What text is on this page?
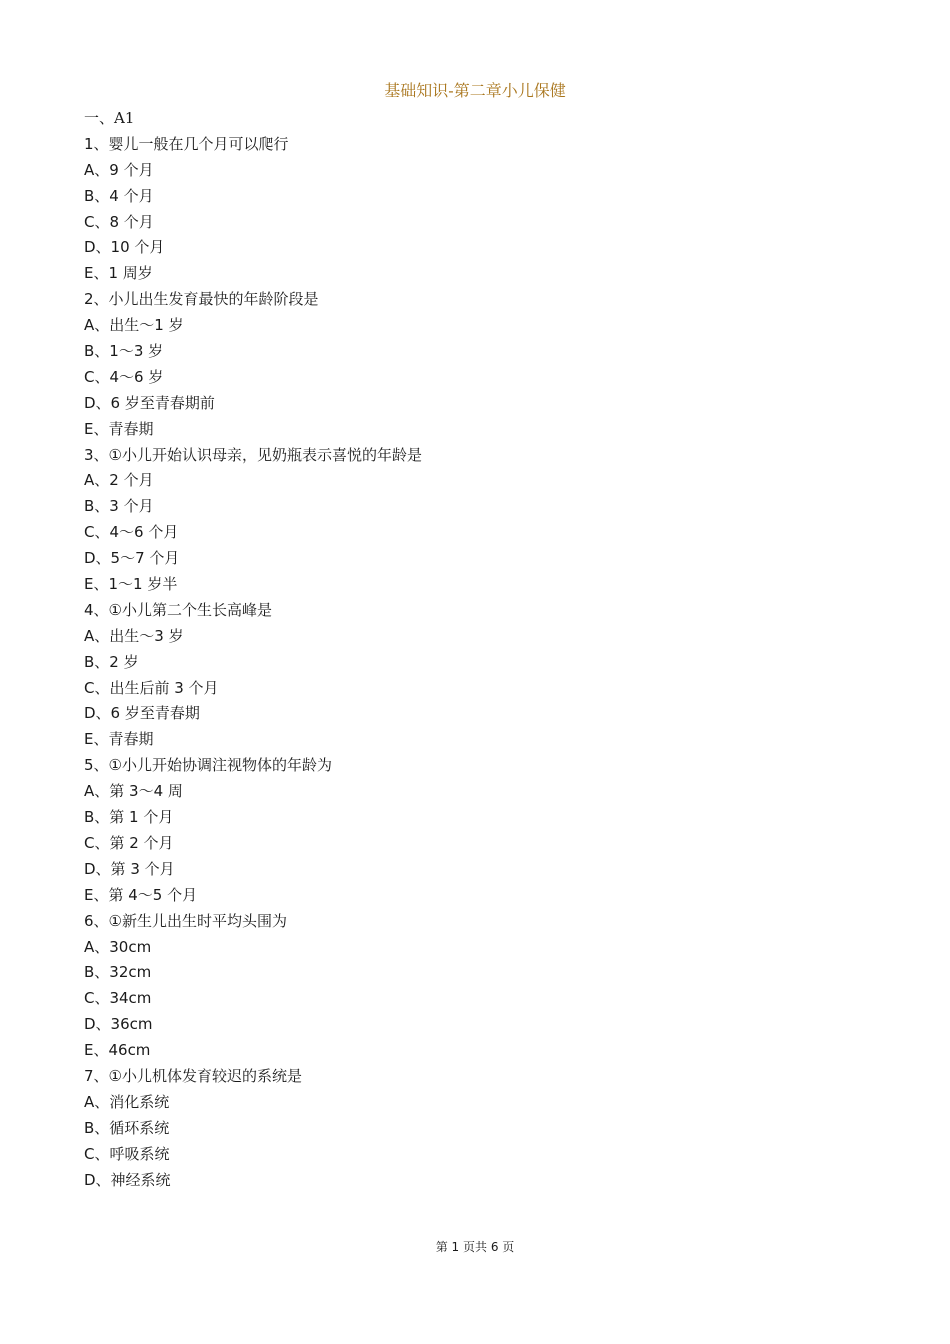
基础知识-第二章小儿保健
一、A1
1、婴儿一般在几个月可以爬行
A、9 个月
B、4 个月
C、8 个月
D、10 个月
E、1 周岁
2、小儿出生发育最快的年龄阶段是
A、出生～1 岁
B、1～3 岁
C、4～6 岁
D、6 岁至青春期前
E、青春期
3、①小儿开始认识母亲，见奶瓶表示喜悦的年龄是
A、2 个月
B、3 个月
C、4～6 个月
D、5～7 个月
E、1～1 岁半
4、①小儿第二个生长高峰是
A、出生～3 岁
B、2 岁
C、出生后前 3 个月
D、6 岁至青春期
E、青春期
5、①小儿开始协调注视物体的年龄为
A、第 3～4 周
B、第 1 个月
C、第 2 个月
D、第 3 个月
E、第 4～5 个月
6、①新生儿出生时平均头围为
A、30cm
B、32cm
C、34cm
D、36cm
E、46cm
7、①小儿机体发育较迟的系统是
A、消化系统
B、循环系统
C、呼吸系统
D、神经系统
第 1 页共 6 页
